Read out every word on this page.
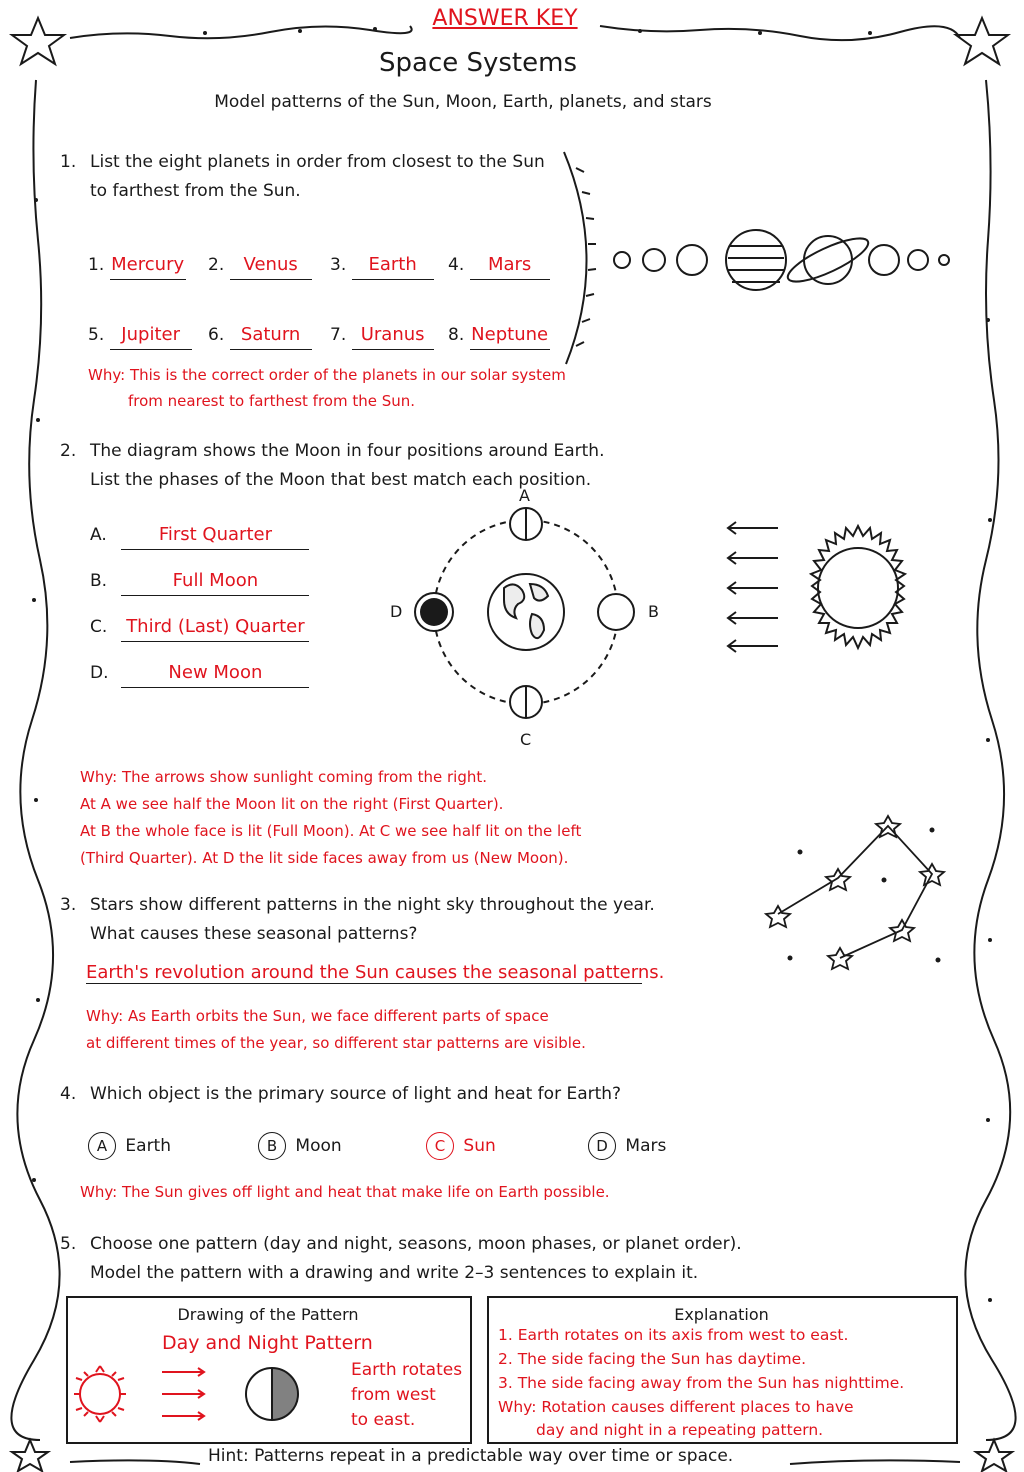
ANSWER KEY
Space Systems
Model patterns of the Sun, Moon, Earth, planets, and stars
1. List the eight planets in order from closest to the Sun
to farthest from the Sun.
1. Mercury 2. Venus	3. Earth	4. Mars
5. Jupiter	6. Saturn	7. Uranus	8. Neptune
Why: This is the correct order of the planets in our solar system
from nearest to farthest from the Sun.
2. The diagram shows the Moon in four positions around Earth.
List the phases of the Moon that best match each position.
A.	First Quarter
B.	Full Moon
C. Third (Last) Quarter
D.	New Moon
A
B
C
D
Why: The arrows show sunlight coming from the right.
At A we see half the Moon lit on the right (First Quarter).
At B the whole face is lit (Full Moon). At C we see half lit on the left
(Third Quarter). At D the lit side faces away from us (New Moon).
3. Stars show different patterns in the night sky throughout the year.
What causes these seasonal patterns?
Earth's revolution around the Sun causes the seasonal patterns.
Why: As Earth orbits the Sun, we face different parts of space
at different times of the year, so different star patterns are visible.
4. Which object is the primary source of light and heat for Earth?
A Earth	B Moon	C Sun	D Mars
Why: The Sun gives off light and heat that make life on Earth possible.
5. Choose one pattern (day and night, seasons, moon phases, or planet order).
Model the pattern with a drawing and write 2–3 sentences to explain it.
Drawing of the Pattern
Day and Night Pattern
Earth rotates
from west
to east.
Explanation
1. Earth rotates on its axis from west to east.
2. The side facing the Sun has daytime.
3. The side facing away from the Sun has nighttime.
Why: Rotation causes different places to have
day and night in a repeating pattern.
Hint: Patterns repeat in a predictable way over time or space.
